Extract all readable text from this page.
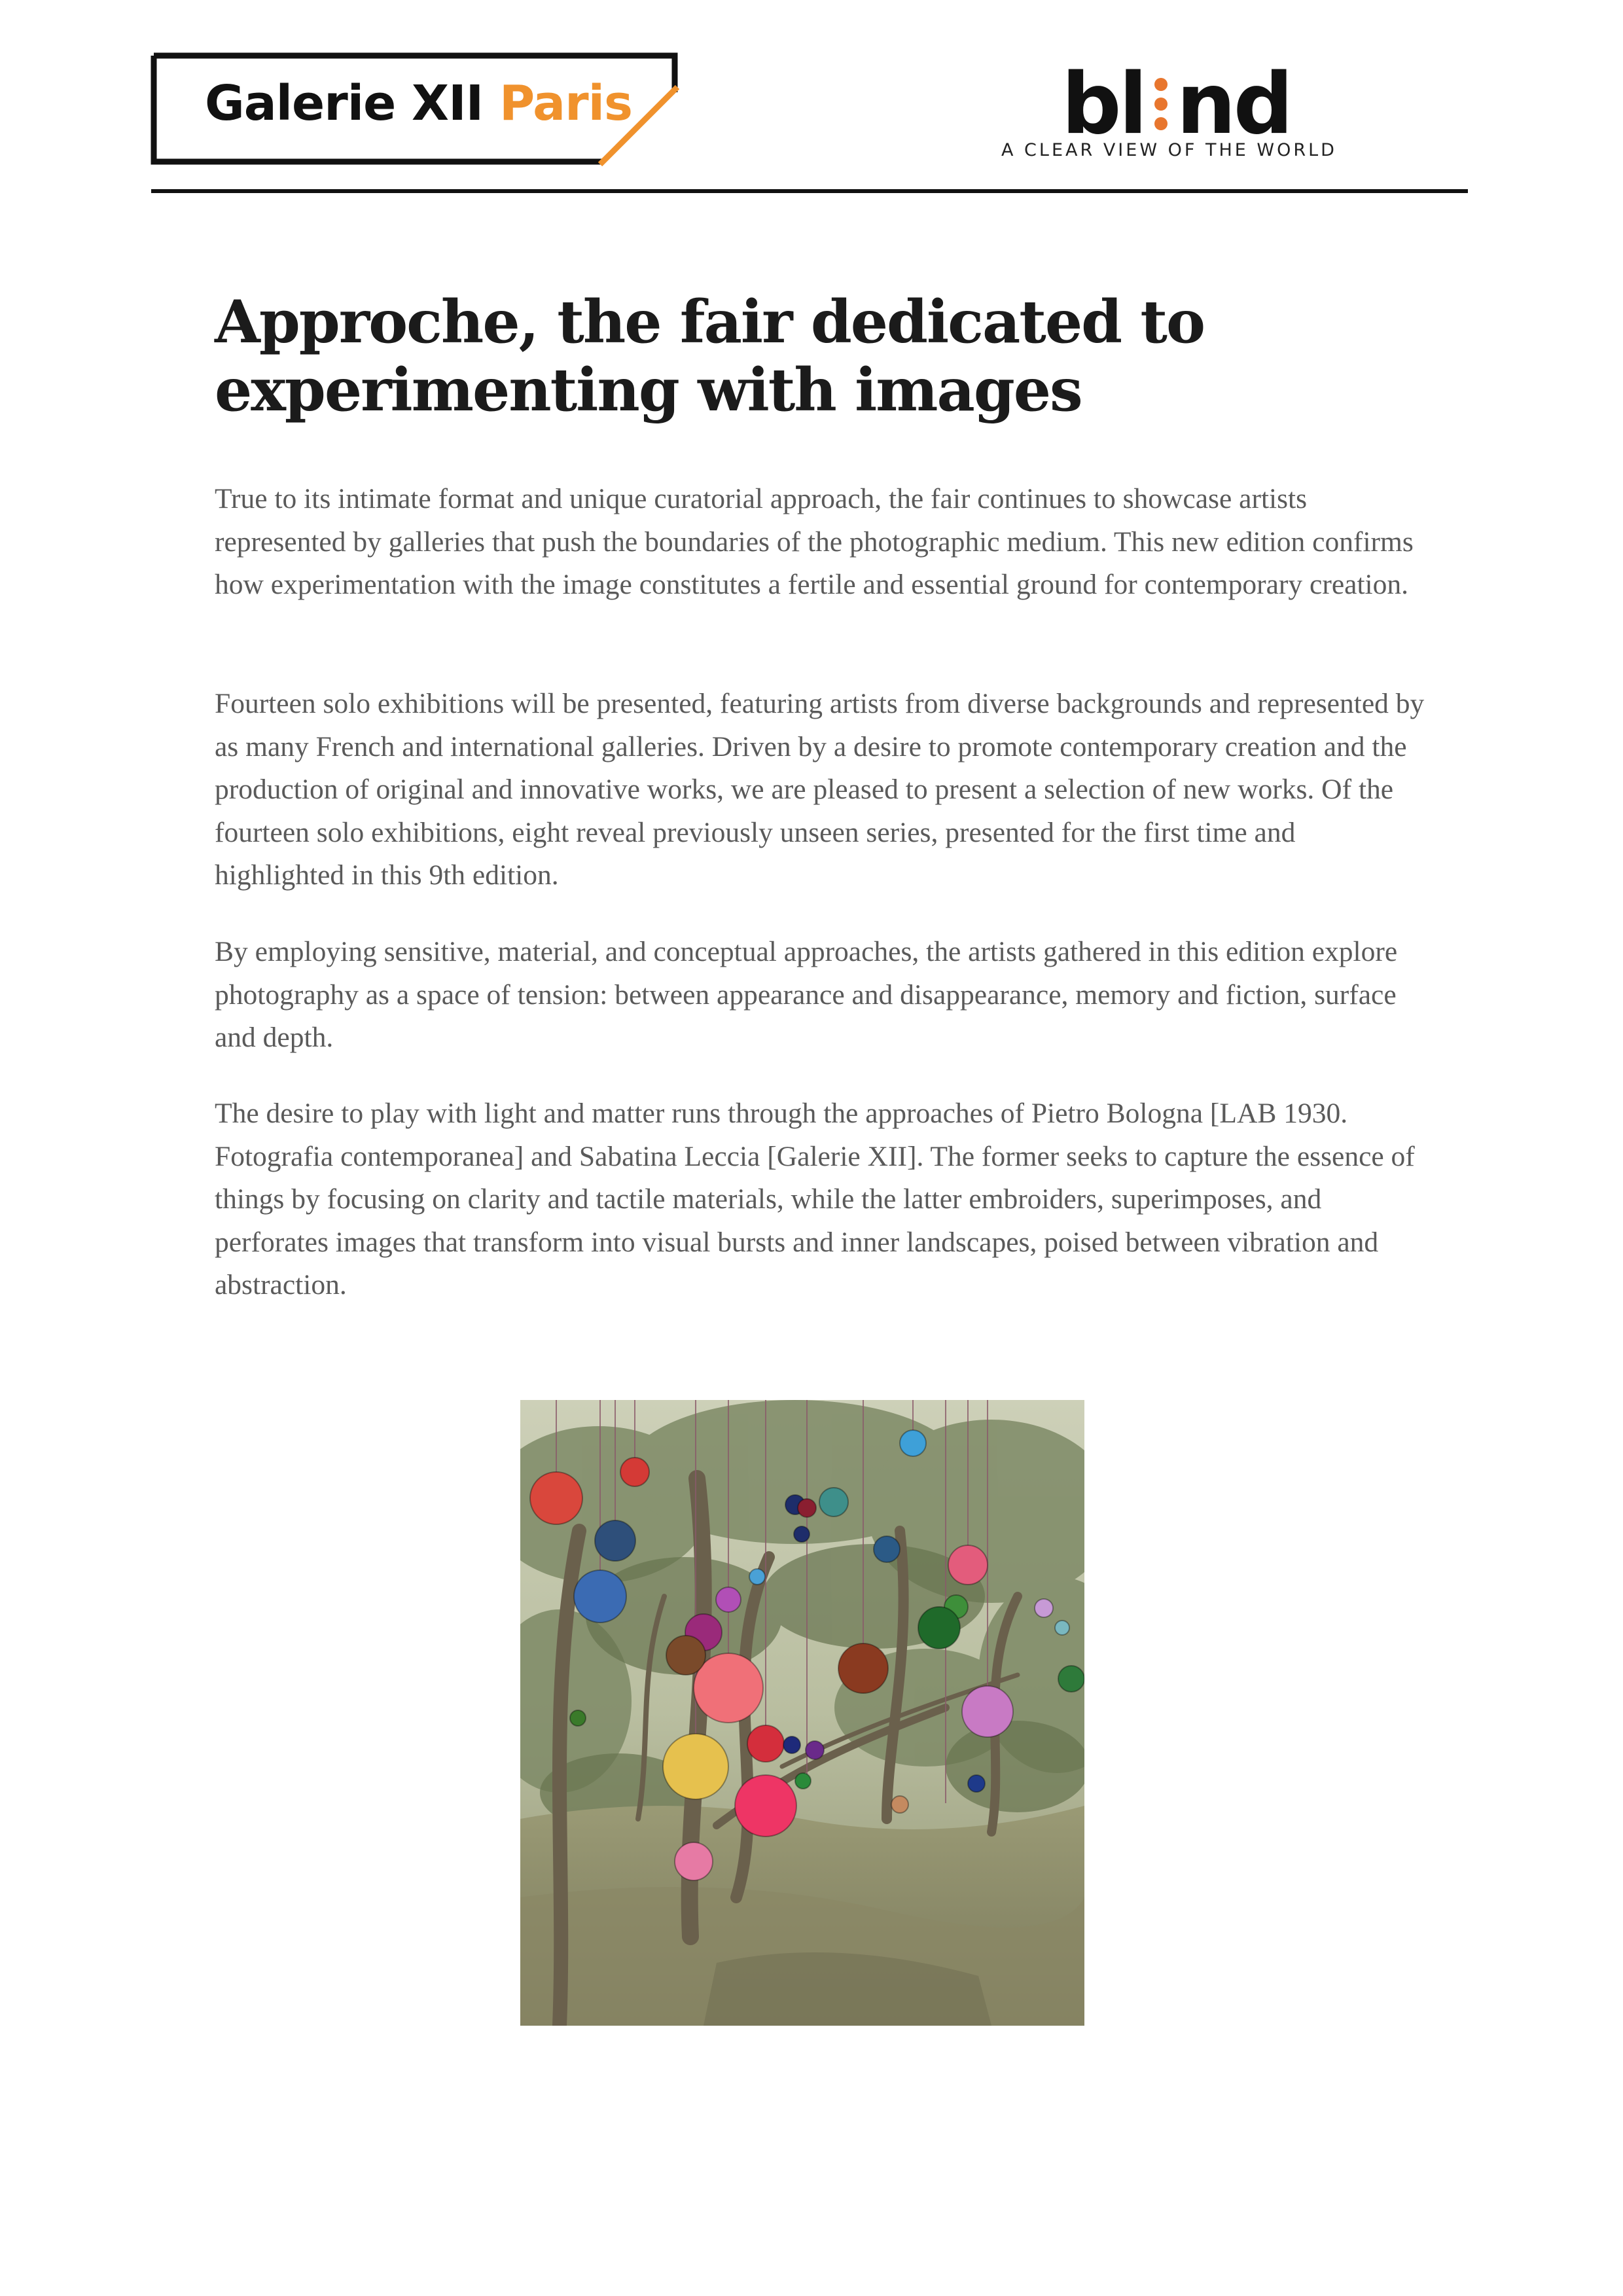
Galerie XII Paris	bl nd
A CLEAR VIEW OF THE WORLD
Approche, the fair dedicated to experimenting with images

True to its intimate format and unique curatorial approach, the fair continues to showcase artists represented by galleries that push the boundaries of the photographic medium. This new edition confirms how experimentation with the image constitutes a fertile and essential ground for contemporary creation.

Fourteen solo exhibitions will be presented, featuring artists from diverse backgrounds and represented by as many French and international galleries. Driven by a desire to promote contemporary creation and the production of original and innovative works, we are pleased to present a selection of new works. Of the fourteen solo exhibitions, eight reveal previously unseen series, presented for the first time and highlighted in this 9th edition.

By employing sensitive, material, and conceptual approaches, the artists gathered in this edition explore photography as a space of tension: between appearance and disappearance, memory and fiction, surface and depth.

The desire to play with light and matter runs through the approaches of Pietro Bologna [LAB 1930. Fotografia contemporanea] and Sabatina Leccia [Galerie XII]. The former seeks to capture the essence of things by focusing on clarity and tactile materials, while the latter embroiders, superimposes, and perforates images that transform into visual bursts and inner landscapes, poised between vibration and abstraction.
